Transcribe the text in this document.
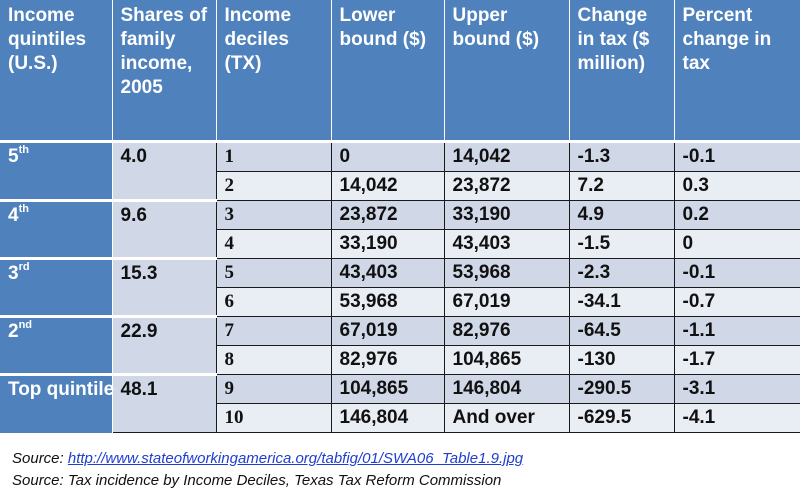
Income quintiles (U.S.)	Shares of family income, 2005	Income deciles (TX)	Lower bound ($)	Upper bound ($)	Change in tax ($ million)	Percent change in tax
5th	4.0	1	0	14,042	-1.3	-0.1
		2	14,042	23,872	7.2	0.3
4th	9.6	3	23,872	33,190	4.9	0.2
		4	33,190	43,403	-1.5	0
3rd	15.3	5	43,403	53,968	-2.3	-0.1
		6	53,968	67,019	-34.1	-0.7
2nd	22.9	7	67,019	82,976	-64.5	-1.1
		8	82,976	104,865	-130	-1.7
Top quintile	48.1	9	104,865	146,804	-290.5	-3.1
		10	146,804	And over	-629.5	-4.1
Source: http://www.stateofworkingamerica.org/tabfig/01/SWA06_Table1.9.jpg
Source: Tax incidence by Income Deciles, Texas Tax Reform Commission
